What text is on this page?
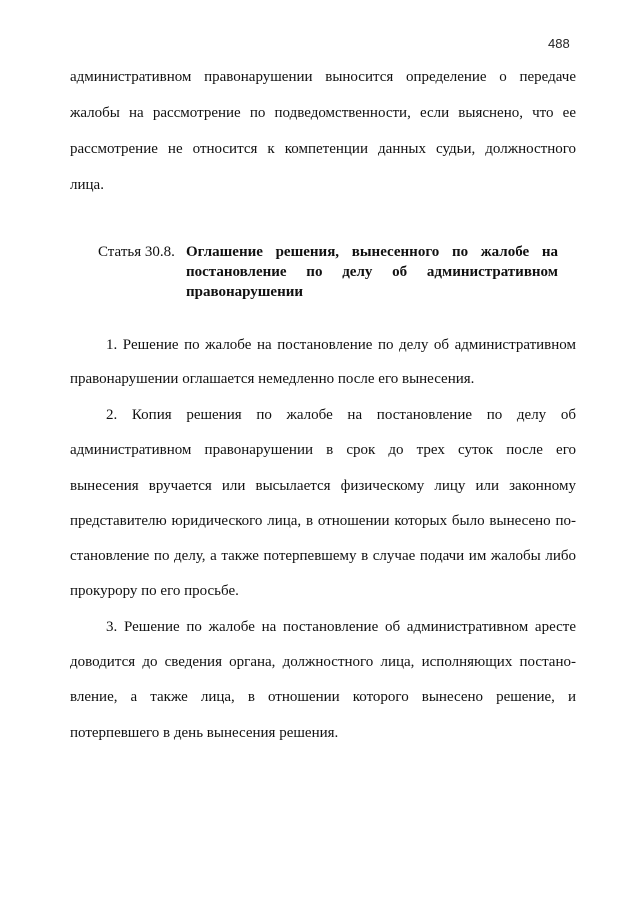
488
административном правонарушении выносится определение о передаче
жалобы на рассмотрение по подведомственности, если выяснено, что ее
рассмотрение не относится к компетенции данных судьи, должностного
лица.
Статья 30.8. Оглашение решения, вынесенного по жалобе на
постановление по делу об административном
правонарушении
1. Решение по жалобе на постановление по делу об административном
правонарушении оглашается немедленно после его вынесения.
2. Копия решения по жалобе на постановление по делу об
административном правонарушении в срок до трех суток после его
вынесения вручается или высылается физическому лицу или законному
представителю юридического лица, в отношении которых было вынесено по-
становление по делу, а также потерпевшему в случае подачи им жалобы либо
прокурору по его просьбе.
3. Решение по жалобе на постановление об административном аресте
доводится до сведения органа, должностного лица, исполняющих постано-
вление, а также лица, в отношении которого вынесено решение, и
потерпевшего в день вынесения решения.
